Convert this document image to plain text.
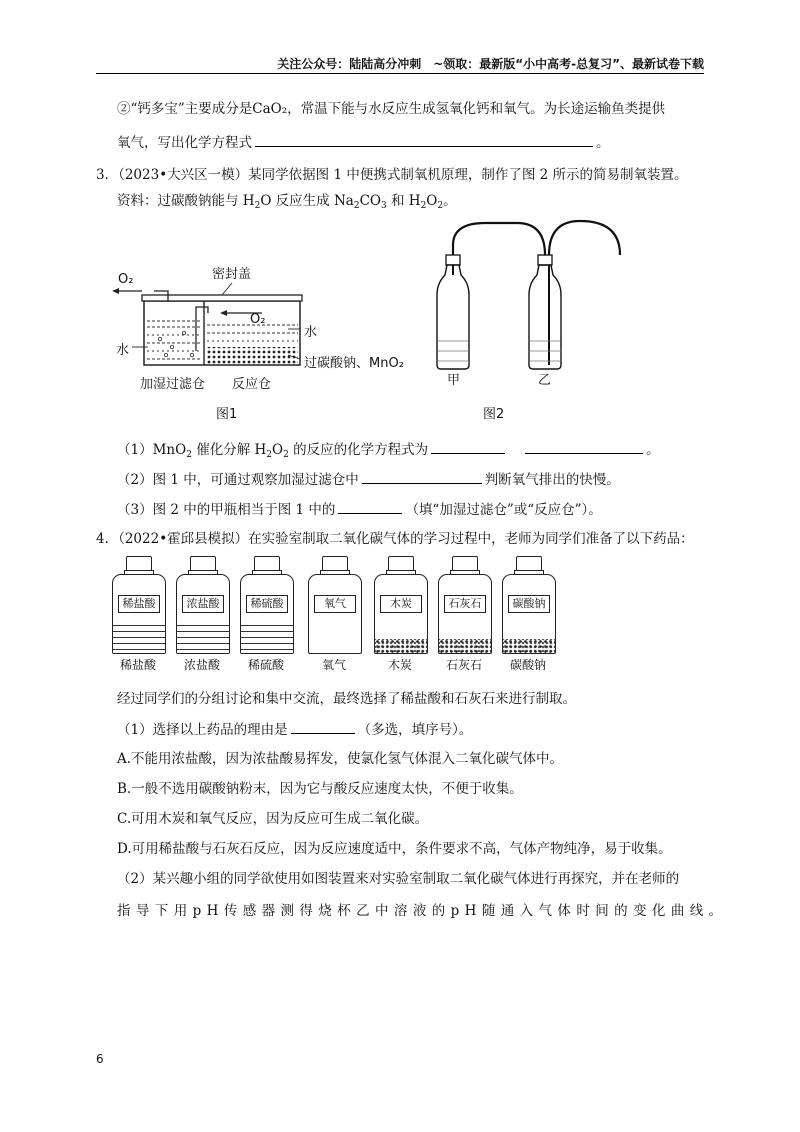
关注公众号：陆陆高分冲刺　~领取：最新版“小中高考-总复习”、最新试卷下载
②“钙多宝”主要成分是CaO₂，常温下能与水反应生成氢氧化钙和氧气。为长途运输鱼类提供
氧气，写出化学方程式	。
3．（2023•大兴区一模）某同学依据图 1 中便携式制氧机原理，制作了图 2 所示的简易制氧装置。
资料：过碳酸钠能与 $H_2O$ 反应生成 $Na_2CO_3$ 和 $H_2O_2$。
O₂	密封盖
O₂
水
水
过碳酸钠、MnO₂
加湿过滤仓 反应仓
图1
甲	乙
图2
（1）MnO$_2$ 催化分解 $H_2O_2$ 的反应的化学方程式为	。
（2）图 1 中，可通过观察加湿过滤仓中	判断氧气排出的快慢。
（3）图 2 中的甲瓶相当于图 1 中的	（填“加湿过滤仓”或“反应仓”）。
4．（2022•霍邱县模拟）在实验室制取二氧化碳气体的学习过程中，老师为同学们准备了以下药品：
稀盐酸
稀盐酸
浓盐酸
浓盐酸
稀硫酸
稀硫酸
氧气
氧气
木炭
木炭
石灰石
石灰石
碳酸钠
碳酸钠
经过同学们的分组讨论和集中交流，最终选择了稀盐酸和石灰石来进行制取。
（1）选择以上药品的理由是	（多选，填序号）。
A.不能用浓盐酸，因为浓盐酸易挥发，使氯化氢气体混入二氧化碳气体中。
B.一般不选用碳酸钠粉末，因为它与酸反应速度太快，不便于收集。
C.可用木炭和氧气反应，因为反应可生成二氧化碳。
D.可用稀盐酸与石灰石反应，因为反应速度适中，条件要求不高，气体产物纯净，易于收集。
（2）某兴趣小组的同学欲使用如图装置来对实验室制取二氧化碳气体进行再探究，并在老师的
指导下用pH传感器测得烧杯乙中溶液的pH随通入气体时间的变化曲线。
6
